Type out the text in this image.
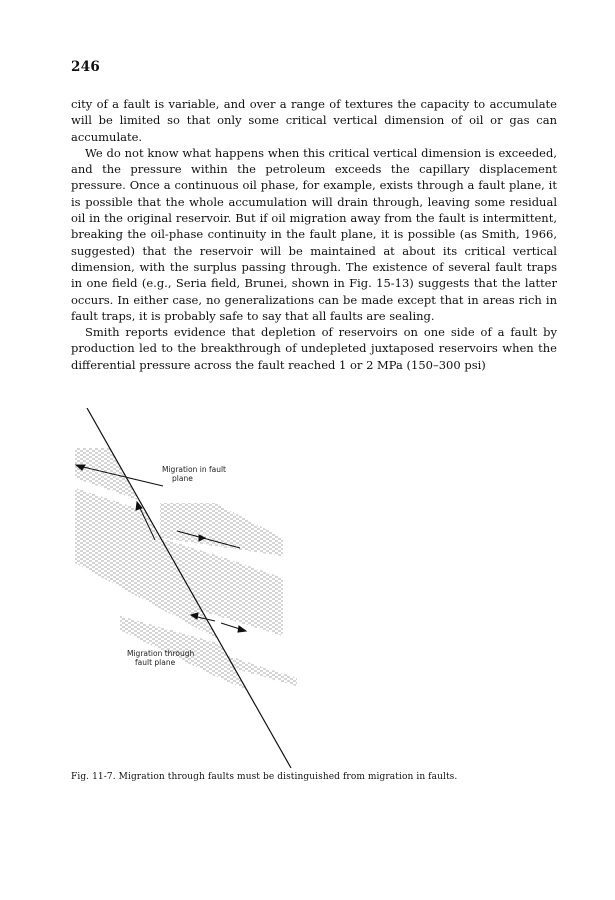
246

city of a fault is variable, and over a range of textures the capacity to accumulate will be limited so that only some critical vertical dimension of oil or gas can accumulate.

We do not know what happens when this critical vertical dimension is exceeded, and the pressure within the petroleum exceeds the capillary displacement pressure. Once a continuous oil phase, for example, exists through a fault plane, it is possible that the whole accumulation will drain through, leaving some residual oil in the original reservoir. But if oil migration away from the fault is intermittent, breaking the oil-phase continuity in the fault plane, it is possible (as Smith, 1966, suggested) that the reservoir will be maintained at about its critical vertical dimension, with the surplus passing through. The existence of several fault traps in one field (e.g., Seria field, Brunei, shown in Fig. 15-13) suggests that the latter occurs. In either case, no generalizations can be made except that in areas rich in fault traps, it is probably safe to say that all faults are sealing.

Smith reports evidence that depletion of reservoirs on one side of a fault by production led to the breakthrough of undepleted juxtaposed reservoirs when the differential pressure across the fault reached 1 or 2 MPa (150–300 psi)

Migration in fault
plane
Migration through
fault plane
Fig. 11-7. Migration through faults must be distinguished from migration in faults.
